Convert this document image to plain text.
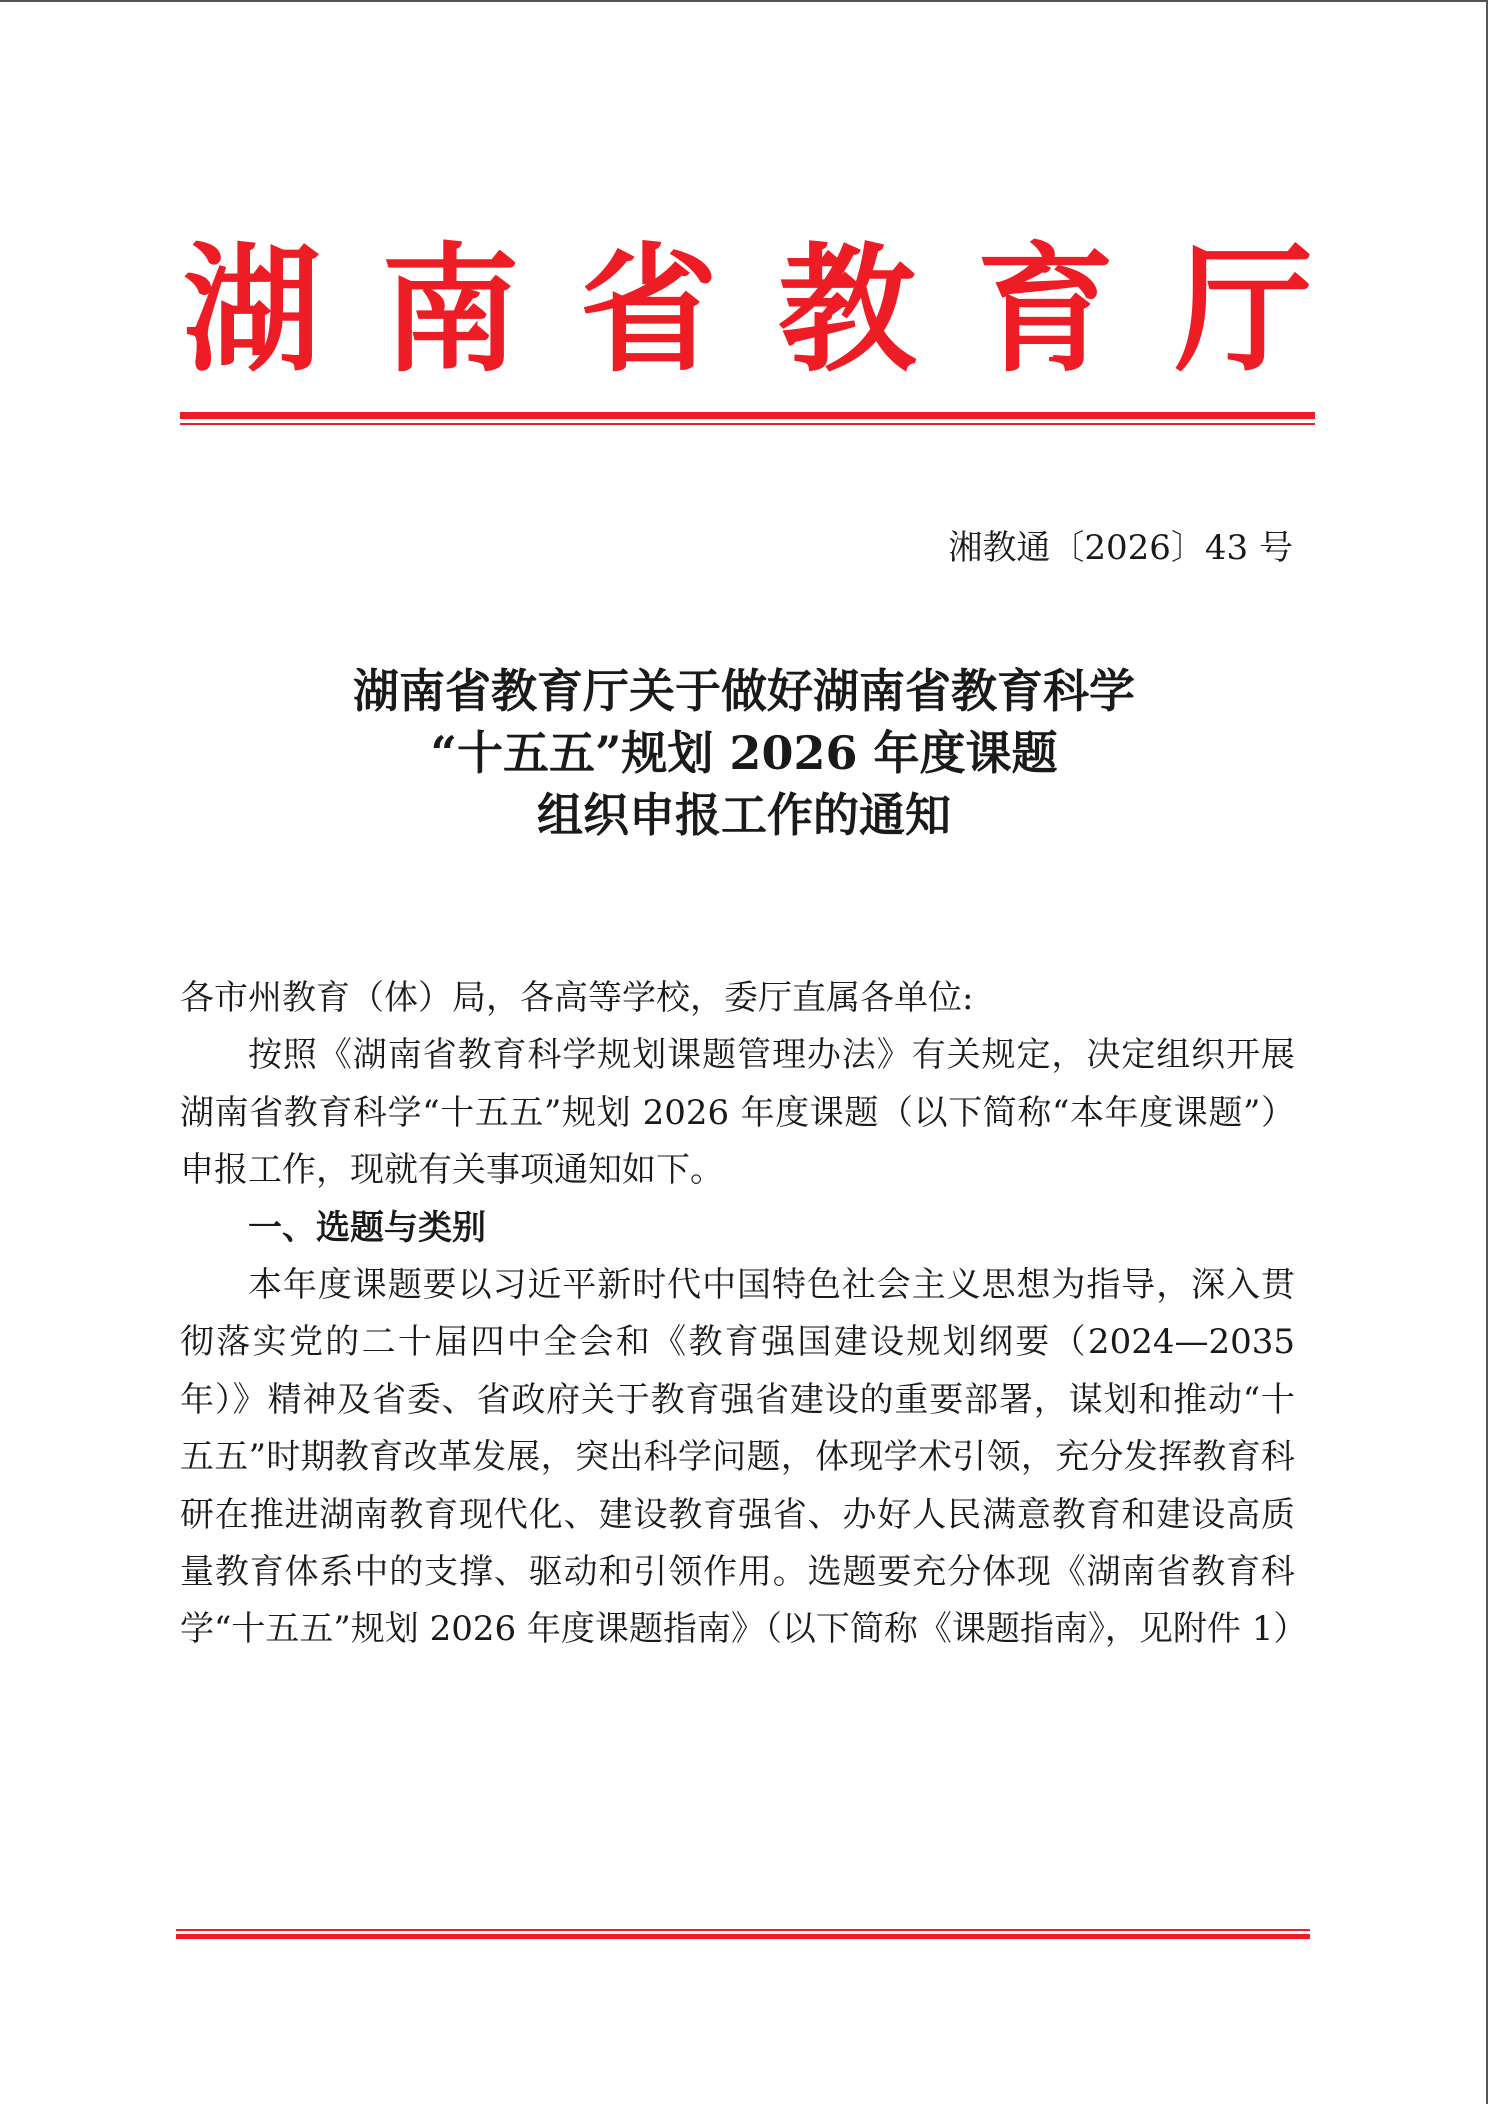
湖 南 省 教 育 厅

湘教通〔2026〕43 号

湖南省教育厅关于做好湖南省教育科学
“十五五”规划 2026 年度课题
组织申报工作的通知

各市州教育（体）局，各高等学校，委厅直属各单位:

按照《湖南省教育科学规划课题管理办法》有关规定，决定组织开展湖南省教育科学“十五五”规划 2026 年度课题（以下简称“本年度课题”）申报工作，现就有关事项通知如下。

一、选题与类别

本年度课题要以习近平新时代中国特色社会主义思想为指导，深入贯彻落实党的二十届四中全会和《教育强国建设规划纲要（2024—2035 年）》精神及省委、省政府关于教育强省建设的重要部署，谋划和推动“十五五”时期教育改革发展，突出科学问题，体现学术引领，充分发挥教育科研在推进湖南教育现代化、建设教育强省、办好人民满意教育和建设高质量教育体系中的支撑、驱动和引领作用。选题要充分体现《湖南省教育科学“十五五”规划 2026 年度课题指南》（以下简称《课题指南》，见附件 1）
